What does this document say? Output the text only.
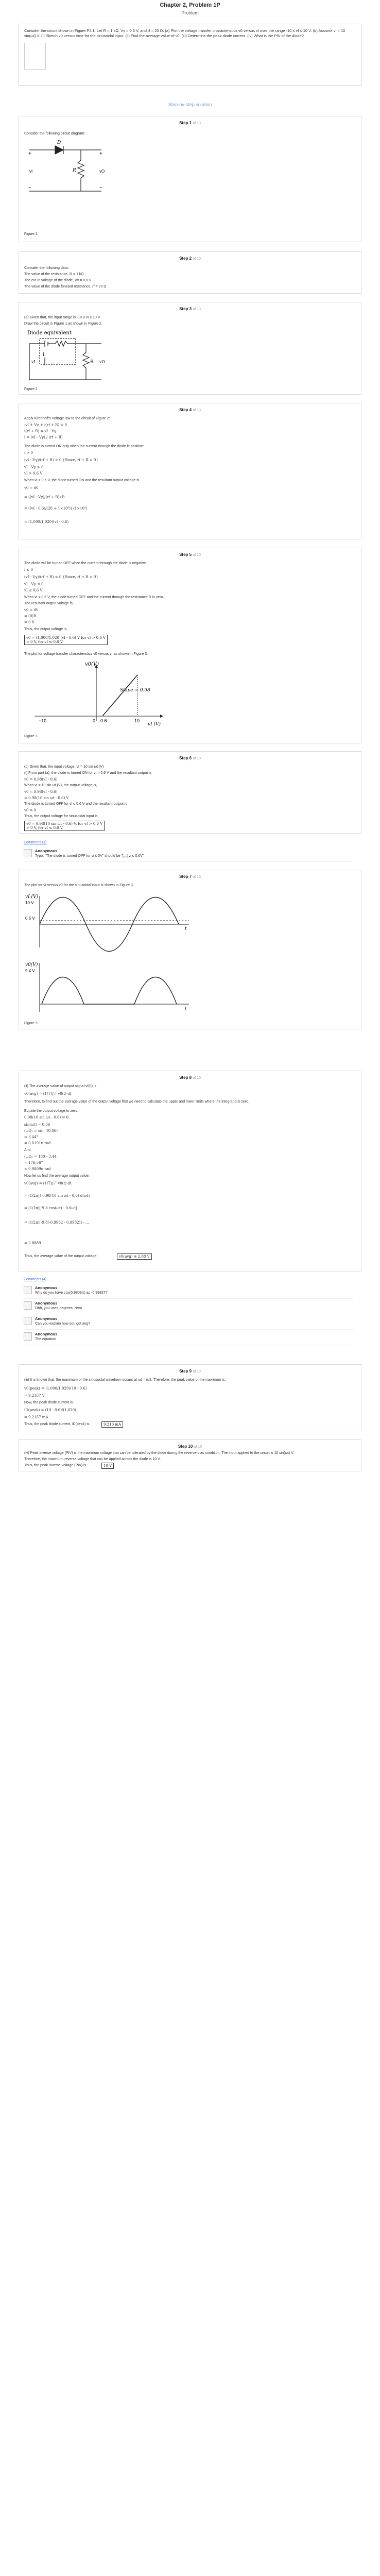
Chapter 2, Problem 1P
Problem

Consider the circuit shown in Figure P2.1. Let R = 1 kΩ, Vγ = 0.6 V, and rf = 20 Ω. (a) Plot the voltage transfer characteristics v0 versus vI over the range -10 ≤ vI ≤ 10 V. (b) Assume vI = 10 sin(ωt) V. (i) Sketch v0 versus time for the sinusoidal input. (ii) Find the average value of v0. (iii) Determine the peak diode current. (iv) What is the PIV of the diode?

Step-by-step solution
Step 1 of 10
Consider the following circuit diagram:
D
R
+
vI
−
+
vO
−
Figure 1
Step 2 of 10
Consider the following data:
The value of the resistance, R = 1 kΩ
The cut-in voltage of the diode, Vγ = 0.6 V
The value of the diode forward resistance, rf = 20 Ω
Step 3 of 10
(a) Given that, the input range is -10 ≤ vI ≤ 10 V.
Draw the circuit in Figure 1 as shown in Figure 2.
Diode equivalent
vI
i
R vO
Figure 2
Step 4 of 10
Apply Kirchhoff's Voltage law to the circuit of Figure 2:
-vI + Vγ + i(rf + R) = 0
i(rf + R) = vI - Vγ
i = (vI - Vγ) / (rf + R)
The diode is turned ON only when the current through the diode is positive:
i > 0
(vI - Vγ)/(rf + R) > 0 {Since, rf + R > 0}
vI - Vγ > 0
vI > 0.6 V
When vI > 0.6 V, the diode turned ON and the resultant output voltage is
v0 = iR
= ((vI - Vγ)/(rf + R)) R
= ((vI - 0.6)/(20 + 1×10³)) (1×10³)
= (1,000/1,020)(vI - 0.6)
Step 5 of 10
The diode will be turned OFF when the current through the diode is negative.
i ≤ 0
(vI - Vγ)/(rf + R) ≤ 0 {Since, rf + R > 0}
vI - Vγ ≤ 0
vI ≤ 0.6 V
When vI ≤ 0.6 V, the diode turned OFF and the current through the resistance R is zero.
The resultant output voltage is,
v0 = iR
= (0)R
= 0 V
Thus, the output voltage is,
v0 = (1,000/1,020)(vI - 0.6) V for vI > 0.6 V
= 0 V, for vI ≤ 0.6 V
The plot for voltage transfer characteristics v0 versus vI as shown in Figure 3:
v0(V)
vI (V)
Slope = 0.98
−10	0 0.6	10
Figure 3
Step 6 of 10
(b) Given that, the input voltage, vI = 10 sin ωt (V)
(i) From part (a), the diode is turned ON for vI > 0.6 V and the resultant output is
v0 = 0.98(vI - 0.6)
When vI = 10 sin ωt (V), the output voltage is,
v0 = 0.98(vI - 0.6)
= 0.98(10 sin ωt - 0.6) V
The diode is turned OFF for vI ≤ 0.6 V and the resultant output is
v0 = 0
Thus, the output voltage for sinusoidal input is,
v0 = 0.98(10 sin ωt - 0.6) V, for vI > 0.6 V
= 0 V, for vI ≤ 0.6 V
Comments (1)
Anonymous
Typo: "The diode is turned OFF for vi ≤ 0V" should be "[...] vi ≤ 0.6V"
Step 7 of 10
The plot for vI versus v0 for the sinusoidal input is shown in Figure 3.
vI (V)
10 V
0.6 V
t
v0(V)
9.4 V
t
Figure 3
Step 8 of 10
(ii) The average value of output signal v0(t) is
v0(avg) = (1/T)∫₀ᵀ v0(t) dt
Therefore, to find out the average value of the output voltage first we need to calculate the upper and lower limits where the integrand is zero.
Equate the output voltage to zero.
0.98(10 sin ωt - 0.6) = 0
sin(ωt) = 0.06
(ωt)₁ = sin⁻¹(0.06)
= 3.44°
= 0.0191π rad
And,
(ωt)₂ = 180 - 3.44
= 176.56°
= 0.9809π rad
Now let us find the average output value.
v0(avg) = (1/T)∫₀ᵀ v0(t) dt
= (1/2π)∫ 0.98(10 sin ωt - 0.6) d(ωt)
= (1/2π)[-9.8 cos(ωt) - 0.6ωt]
= (1/2π)[-9.8(-0.9982 - 0.9982)] - ...
= 2.8889
Thus, the average value of the output voltage,	v0(avg) ≅ 2.88 V
Comments (4)
Anonymous
Why do you have cos(0.9809π) as -0.99827?
Anonymous
Ohh, you used degrees. Nvm
Anonymous
Can you explain how you got avg?
Anonymous
The equation
Step 9 of 10
(iii) It is known that, the maximum of the sinusoidal waveform occurs at ωt = π/2. Therefore, the peak value of the maximum is,
v0(peak) = (1,000/1,020)(10 - 0.6)
= 9.2157 V
Now, the peak diode current is
iD(peak) = (10 - 0.6)/(1,020)
= 9.2157 mA
Thus, the peak diode current, iD(peak) is	9.216 mA
Step 10 of 10
(iv) Peak inverse voltage (PIV) is the maximum voltage that can be tolerated by the diode during the reverse-bias condition. The input applied to the circuit is 10 sin(ωt) V.
Therefore, the maximum reverse voltage that can be applied across the diode is 10 V.
Thus, the peak inverse voltage (PIV) is	10 V
